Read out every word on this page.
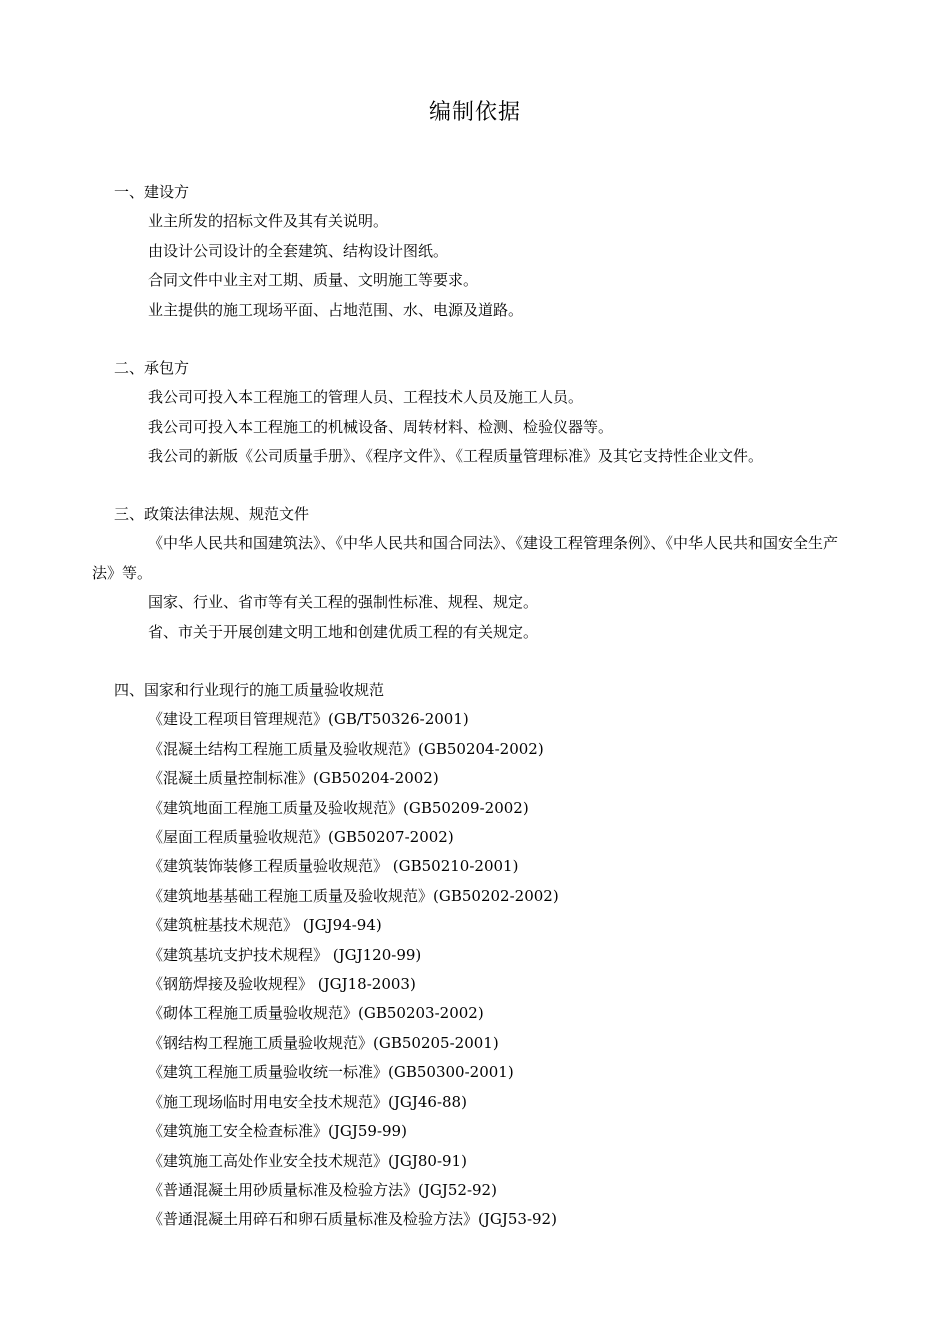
编制依据
一、建设方
业主所发的招标文件及其有关说明。
由设计公司设计的全套建筑、结构设计图纸。
合同文件中业主对工期、质量、文明施工等要求。
业主提供的施工现场平面、占地范围、水、电源及道路。
二、承包方
我公司可投入本工程施工的管理人员、工程技术人员及施工人员。
我公司可投入本工程施工的机械设备、周转材料、检测、检验仪器等。
我公司的新版《公司质量手册》、《程序文件》、《工程质量管理标准》及其它支持性企业文件。
三、政策法律法规、规范文件
《中华人民共和国建筑法》、《中华人民共和国合同法》、《建设工程管理条例》、《中华人民共和国安全生产法》等。
国家、行业、省市等有关工程的强制性标准、规程、规定。
省、市关于开展创建文明工地和创建优质工程的有关规定。
四、国家和行业现行的施工质量验收规范
《建设工程项目管理规范》(GB/T50326-2001)
《混凝土结构工程施工质量及验收规范》(GB50204-2002)
《混凝土质量控制标准》(GB50204-2002)
《建筑地面工程施工质量及验收规范》(GB50209-2002)
《屋面工程质量验收规范》(GB50207-2002)
《建筑装饰装修工程质量验收规范》 (GB50210-2001)
《建筑地基基础工程施工质量及验收规范》(GB50202-2002)
《建筑桩基技术规范》 (JGJ94-94)
《建筑基坑支护技术规程》 (JGJ120-99)
《钢筋焊接及验收规程》 (JGJ18-2003)
《砌体工程施工质量验收规范》(GB50203-2002)
《钢结构工程施工质量验收规范》(GB50205-2001)
《建筑工程施工质量验收统一标准》(GB50300-2001)
《施工现场临时用电安全技术规范》(JGJ46-88)
《建筑施工安全检查标准》(JGJ59-99)
《建筑施工高处作业安全技术规范》(JGJ80-91)
《普通混凝土用砂质量标准及检验方法》(JGJ52-92)
《普通混凝土用碎石和卵石质量标准及检验方法》(JGJ53-92)
